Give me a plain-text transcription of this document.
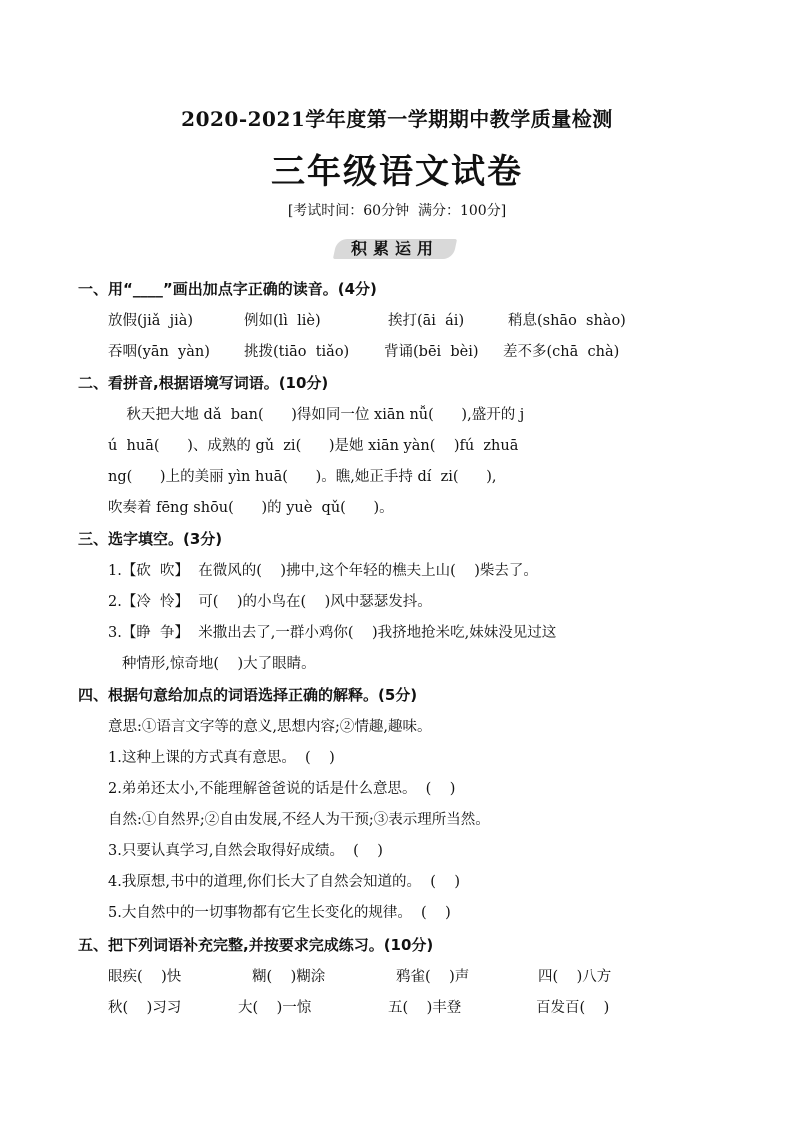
2020-2021学年度第一学期期中教学质量检测
三年级语文试卷
[考试时间：60分钟  满分：100分]

积累运用

一、用“____”画出加点字正确的读音。(4分)
放假(jiǎ  jià)	例如(lì  liè)	挨打(āi  ái)	稍息(shāo  shào)
吞咽(yān  yàn) 挑拨(tiāo  tiǎo) 背诵(bēi  bèi) 差不多(chā  chà)
二、看拼音,根据语境写词语。(10分)
秋天把大地 dǎ  ban(      )得如同一位 xiān nǚ(      ),盛开的 j
ú  huā(      )、成熟的 gǔ  zi(      )是她 xiān yàn(    )fú  zhuā
ng(      )上的美丽 yìn huā(      )。瞧,她正手持 dí  zi(      ),
吹奏着 fēng shōu(      )的 yuè  qǔ(      )。
三、选字填空。(3分)
1.【砍  吹】  在微风的(    )拂中,这个年轻的樵夫上山(    )柴去了。
2.【冷  怜】  可(    )的小鸟在(    )风中瑟瑟发抖。
3.【睁  争】  米撒出去了,一群小鸡你(    )我挤地抢米吃,妹妹没见过这
种情形,惊奇地(    )大了眼睛。
四、根据句意给加点的词语选择正确的解释。(5分)
意思:①语言文字等的意义,思想内容;②情趣,趣味。
1.这种上课的方式真有意思。  (    )
2.弟弟还太小,不能理解爸爸说的话是什么意思。  (    )
自然:①自然界;②自由发展,不经人为干预;③表示理所当然。
3.只要认真学习,自然会取得好成绩。  (    )
4.我原想,书中的道理,你们长大了自然会知道的。  (    )
5.大自然中的一切事物都有它生长变化的规律。  (    )
五、把下列词语补充完整,并按要求完成练习。(10分)
眼疾(    )快	糊(    )糊涂	鸦雀(    )声	四(    )八方
秋(    )习习	大(    )一惊	五(    )丰登	百发百(    )
